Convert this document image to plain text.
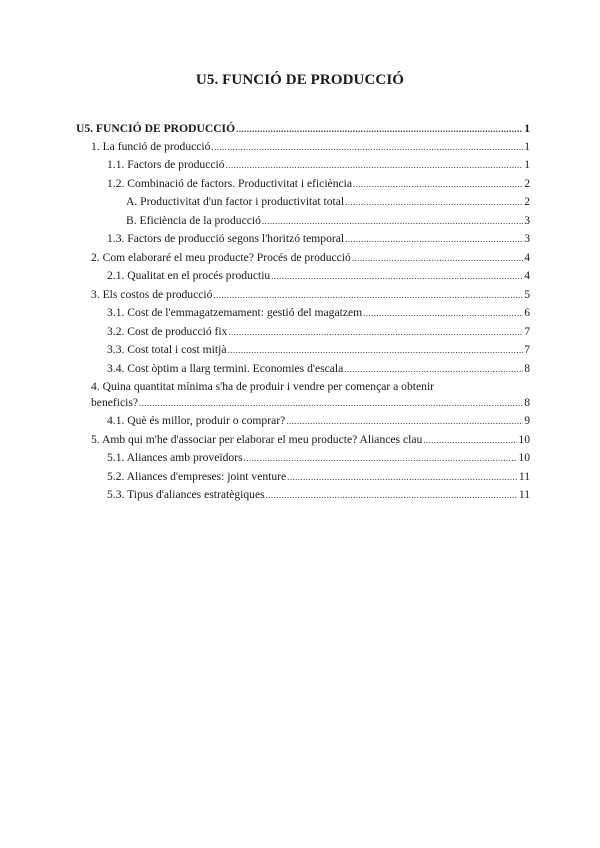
U5. FUNCIÓ DE PRODUCCIÓ
U5. FUNCIÓ DE PRODUCCIÓ .....	1
1. La funció de producció .....	1
1.1. Factors de producció .....	1
1.2. Combinació de factors. Productivitat i eficiència .....	2
A. Productivitat d'un factor i productivitat total .....	2
B. Eficiència de la producció .....	3
1.3. Factors de producció segons l'horitzó temporal .....	3
2. Com elaboraré el meu producte? Procés de producció .....	4
2.1. Qualitat en el procés productiu .....	4
3. Els costos de producció .....	5
3.1. Cost de l'emmagatzemament: gestió del magatzem .....	6
3.2. Cost de producció fix .....	7
3.3. Cost total i cost mitjà .....	7
3.4. Cost òptim a llarg termini. Economies d'escala .....	8
4. Quina quantitat mínima s'ha de produir i vendre per començar a obtenir
beneficis? .....	8
4.1. Què és millor, produir o comprar? .....	9
5. Amb qui m'he d'associar per elaborar el meu producte? Aliances clau .....	10
5.1. Aliances amb proveïdors .....	10
5.2. Aliances d'empreses: joint venture .....	11
5.3. Tipus d'aliances estratègiques .....	11
